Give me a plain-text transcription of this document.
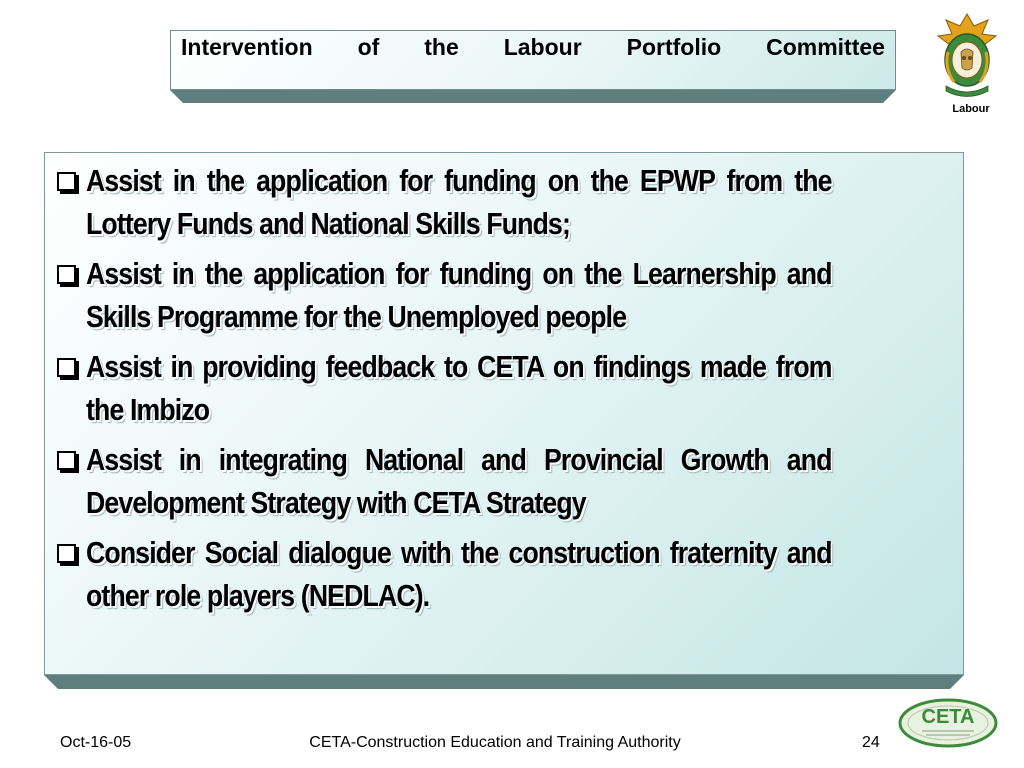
Intervention of the Labour Portfolio Committee
Labour
Assist in the application for funding on the EPWP from the Lottery Funds and National Skills Funds;
Assist in the application for funding on the Learnership and Skills Programme for the Unemployed people
Assist in providing feedback to CETA on findings made from the Imbizo
Assist in integrating National and Provincial Growth and Development Strategy with CETA Strategy
Consider Social dialogue with the construction fraternity and other role players (NEDLAC).
Oct-16-05	CETA-Construction Education and Training Authority	24
CETA
